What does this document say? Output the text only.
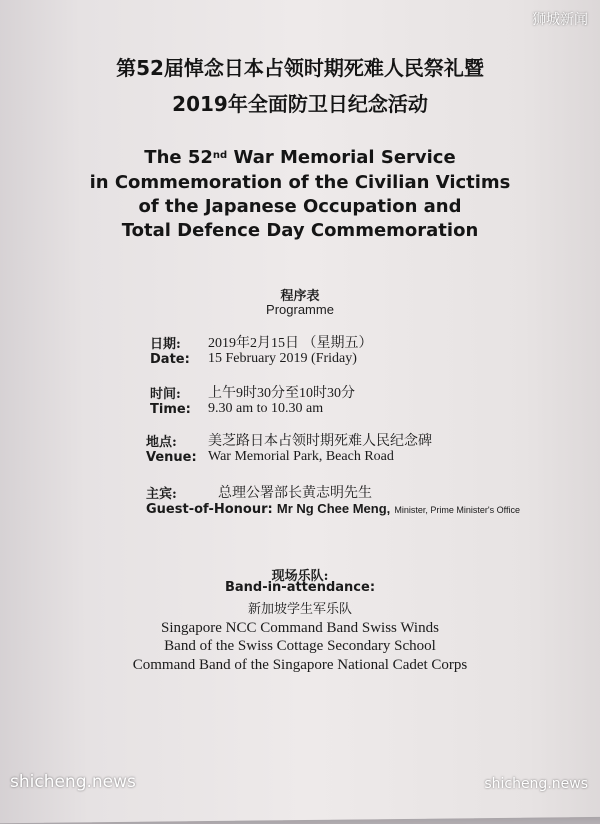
第52届悼念日本占领时期死难人民祭礼暨
2019年全面防卫日纪念活动
The 52nd War Memorial Service
in Commemoration of the Civilian Victims
of the Japanese Occupation and
Total Defence Day Commemoration
程序表
Programme
日期: 2019年2月15日 （星期五）
Date: 15 February 2019 (Friday)
时间: 上午9时30分至10时30分
Time: 9.30 am to 10.30 am
地点: 美芝路日本占领时期死难人民纪念碑
Venue: War Memorial Park, Beach Road
主宾:	总理公署部长黄志明先生
Guest-of-Honour: Mr Ng Chee Meng, Minister, Prime Minister's Office
现场乐队:
Band-in-attendance:
新加坡学生军乐队
Singapore NCC Command Band Swiss Winds
Band of the Swiss Cottage Secondary School
Command Band of the Singapore National Cadet Corps
狮城新闻
shicheng.news	shicheng.news
